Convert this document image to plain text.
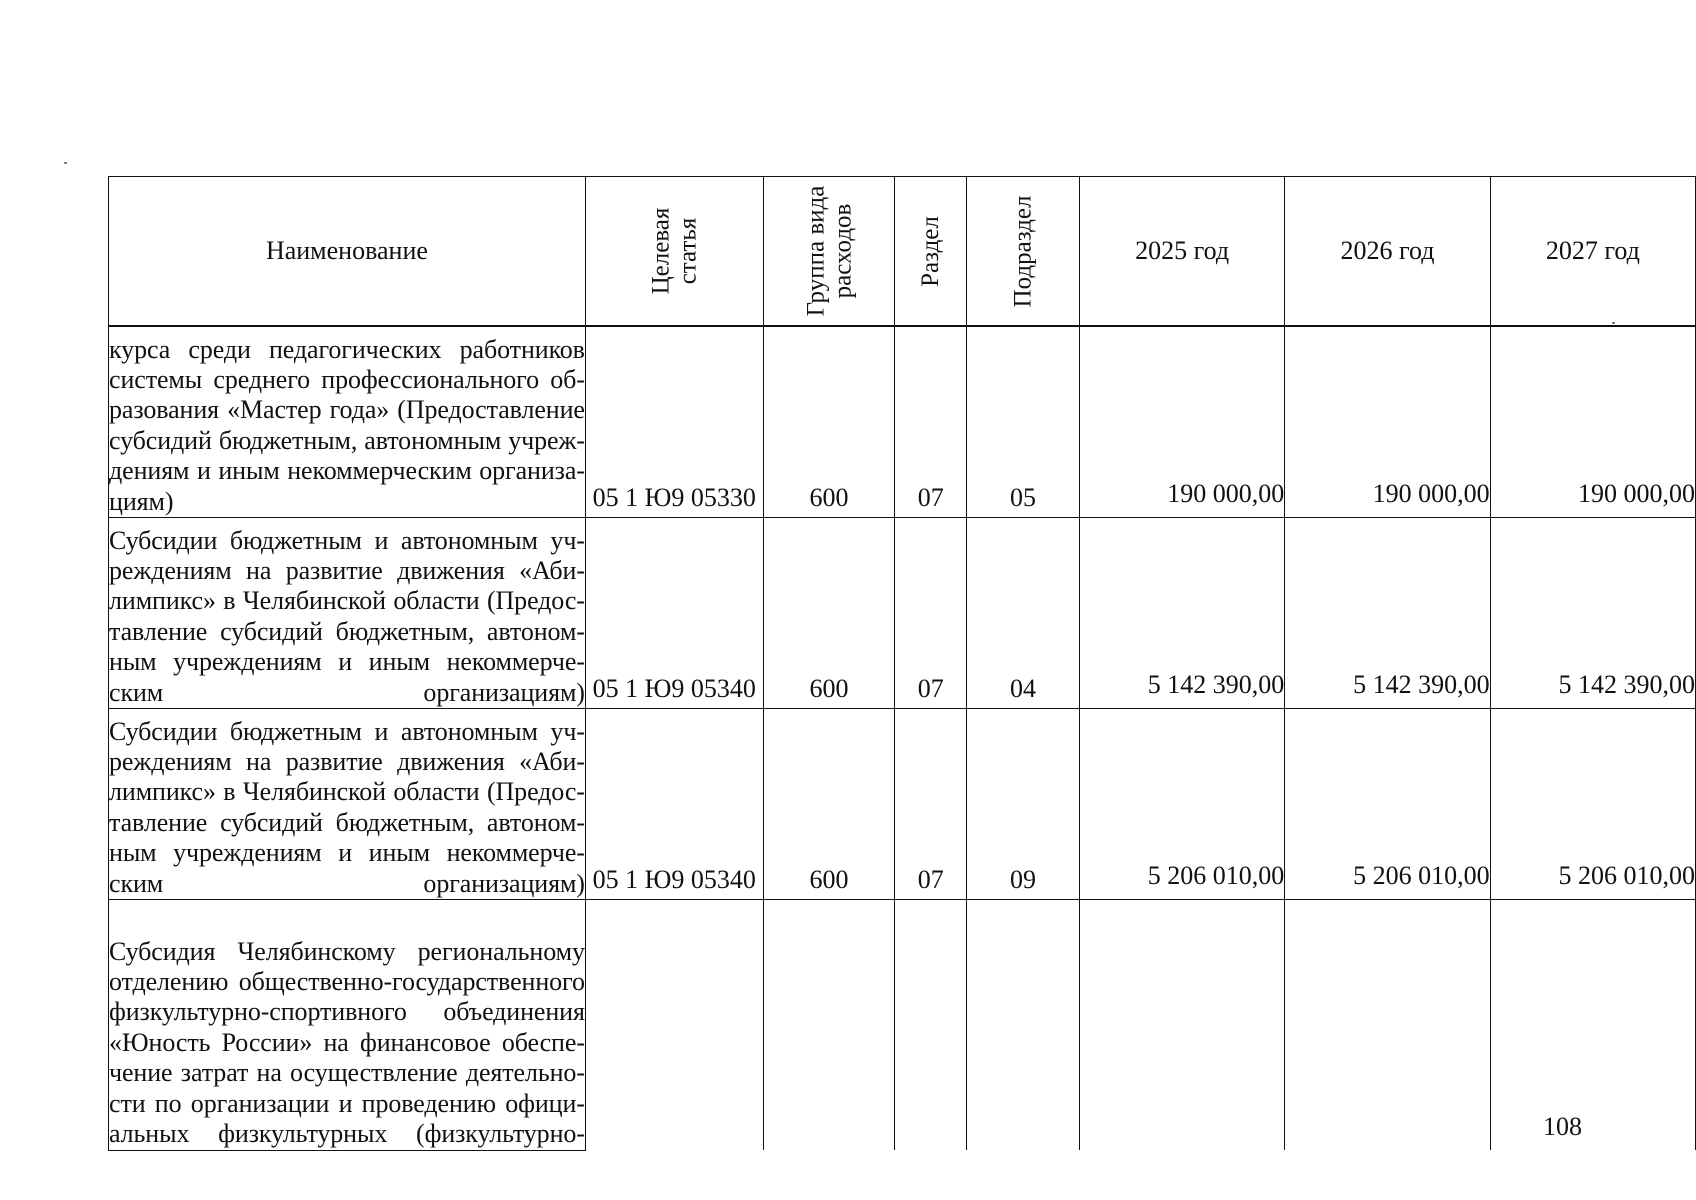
Наименование	Целевая статья	Группа вида расходов	Раздел	Подраздел	2025 год	2026 год	2027 год
курса среди педагогических работников системы среднего профессионального об-разования «Мастер года» (Предоставление субсидий бюджетным, автономным учреж-дениям и иным некоммерческим организа-циям)	05 1 Ю9 05330	600	07	05	190 000,00	190 000,00	190 000,00
Субсидии бюджетным и автономным уч-реждениям на развитие движения «Аби-лимпикс» в Челябинской области (Предос-тавление субсидий бюджетным, автоном-ным учреждениям и иным некоммерче-ским организациям)	05 1 Ю9 05340	600	07	04	5 142 390,00	5 142 390,00	5 142 390,00
Субсидии бюджетным и автономным уч-реждениям на развитие движения «Аби-лимпикс» в Челябинской области (Предос-тавление субсидий бюджетным, автоном-ным учреждениям и иным некоммерче-ским организациям)	05 1 Ю9 05340	600	07	09	5 206 010,00	5 206 010,00	5 206 010,00
Субсидия Челябинскому региональному отделению общественно-государственного физкультурно-спортивного объединения «Юность России» на финансовое обеспе-чение затрат на осуществление деятельно-сти по организации и проведению офици-альных физкультурных (физкультурно-								108
